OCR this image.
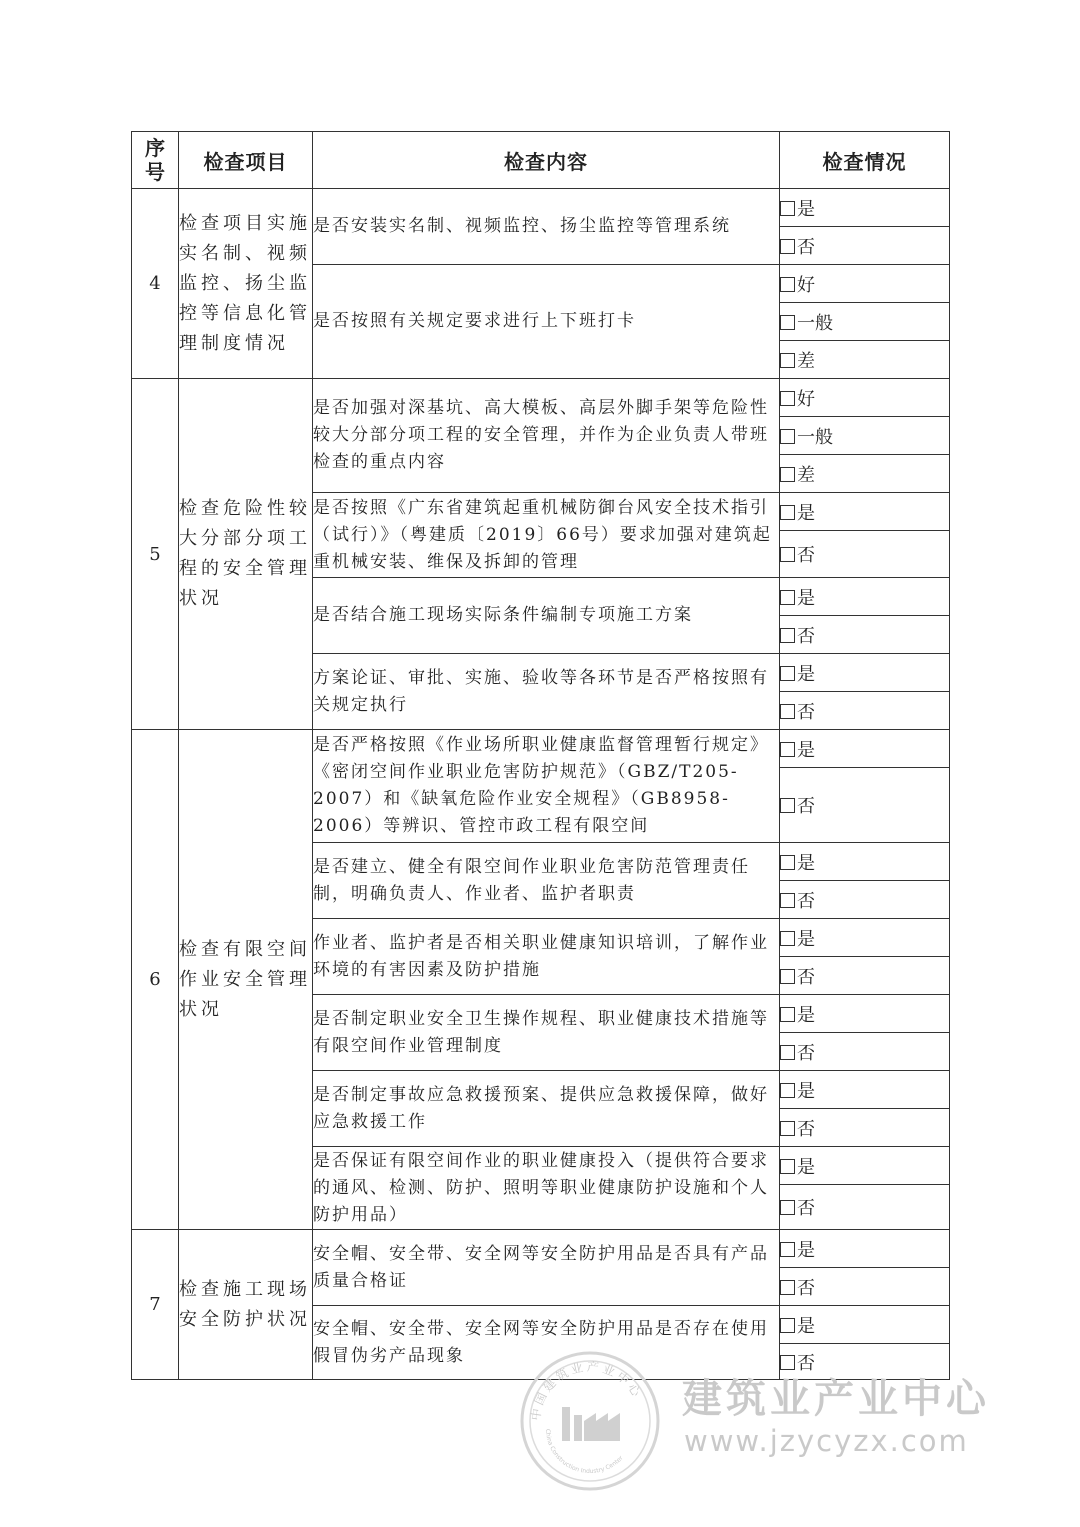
序号	检查项目	检查内容	检查情况
4	检查项目实施实名制、视频监控、扬尘监控等信息化管理制度情况	是否安装实名制、视频监控、扬尘监控等管理系统	是
			否
		是否按照有关规定要求进行上下班打卡	好
			一般
			差
5	检查危险性较大分部分项工程的安全管理状况	是否加强对深基坑、高大模板、高层外脚手架等危险性较大分部分项工程的安全管理，并作为企业负责人带班检查的重点内容	好
			一般
			差
		是否按照《广东省建筑起重机械防御台风安全技术指引（试行）》（粤建质〔2019〕66号）要求加强对建筑起重机械安装、维保及拆卸的管理	是
			否
		是否结合施工现场实际条件编制专项施工方案	是
			否
		方案论证、审批、实施、验收等各环节是否严格按照有关规定执行	是
			否
6	检查有限空间作业安全管理状况	是否严格按照《作业场所职业健康监督管理暂行规定》《密闭空间作业职业危害防护规范》（GBZ/T205-2007）和《缺氧危险作业安全规程》（GB8958-2006）等辨识、管控市政工程有限空间	是
			否
		是否建立、健全有限空间作业职业危害防范管理责任制，明确负责人、作业者、监护者职责	是
			否
		作业者、监护者是否相关职业健康知识培训，了解作业环境的有害因素及防护措施	是
			否
		是否制定职业安全卫生操作规程、职业健康技术措施等有限空间作业管理制度	是
			否
		是否制定事故应急救援预案、提供应急救援保障，做好应急救援工作	是
			否
		是否保证有限空间作业的职业健康投入（提供符合要求的通风、检测、防护、照明等职业健康防护设施和个人防护用品）	是
			否
7	检查施工现场安全防护状况	安全帽、安全带、安全网等安全防护用品是否具有产品质量合格证	是
			否
		安全帽、安全带、安全网等安全防护用品是否存在使用假冒伪劣产品现象	是
			否
中国建筑业产业中心
China Construction Industry Center
建筑业产业中心
www.jzycyzx.com
